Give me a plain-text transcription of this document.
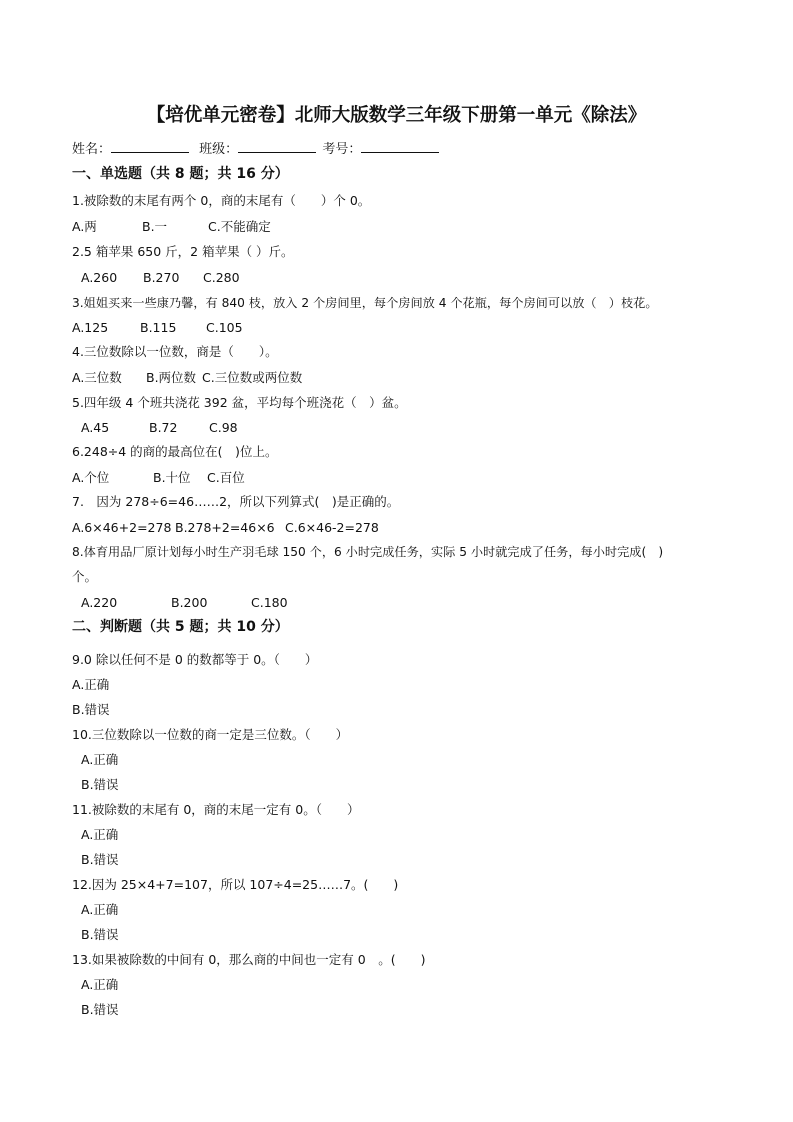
【培优单元密卷】北师大版数学三年级下册第一单元《除法》
姓名：	班级：	考号：
一、单选题（共 8 题；共 16 分）
1.被除数的末尾有两个 0，商的末尾有（　　）个 0。
A.两	B.一	C.不能确定
2.5 箱苹果 650 斤，2 箱苹果（ ）斤。
A.260 B.270 C.280
3.姐姐买来一些康乃馨，有 840 枝，放入 2 个房间里，每个房间放 4 个花瓶，每个房间可以放（　）枝花。
A.125	B.115 C.105
4.三位数除以一位数，商是（　　）。
A.三位数 B.两位数 C.三位数或两位数
5.四年级 4 个班共浇花 392 盆，平均每个班浇花（　）盆。
A.45	B.72	C.98
6.248÷4 的商的最高位在(　)位上。
A.个位	B.十位 C.百位
7.　因为 278÷6=46……2，所以下列算式(　)是正确的。
A.6×46+2=278 B.278+2=46×6 C.6×46-2=278
8.体育用品厂原计划每小时生产羽毛球 150 个，6 小时完成任务，实际 5 小时就完成了任务，每小时完成(　)
个。
A.220	B.200	C.180
二、判断题（共 5 题；共 10 分）
9.0 除以任何不是 0 的数都等于 0。（　　）
A.正确
B.错误
10.三位数除以一位数的商一定是三位数。（　　）
A.正确
B.错误
11.被除数的末尾有 0，商的末尾一定有 0。（　　）
A.正确
B.错误
12.因为 25×4+7=107，所以 107÷4=25……7。(　　)
A.正确
B.错误
13.如果被除数的中间有 0，那么商的中间也一定有 0　。(　　)
A.正确
B.错误
